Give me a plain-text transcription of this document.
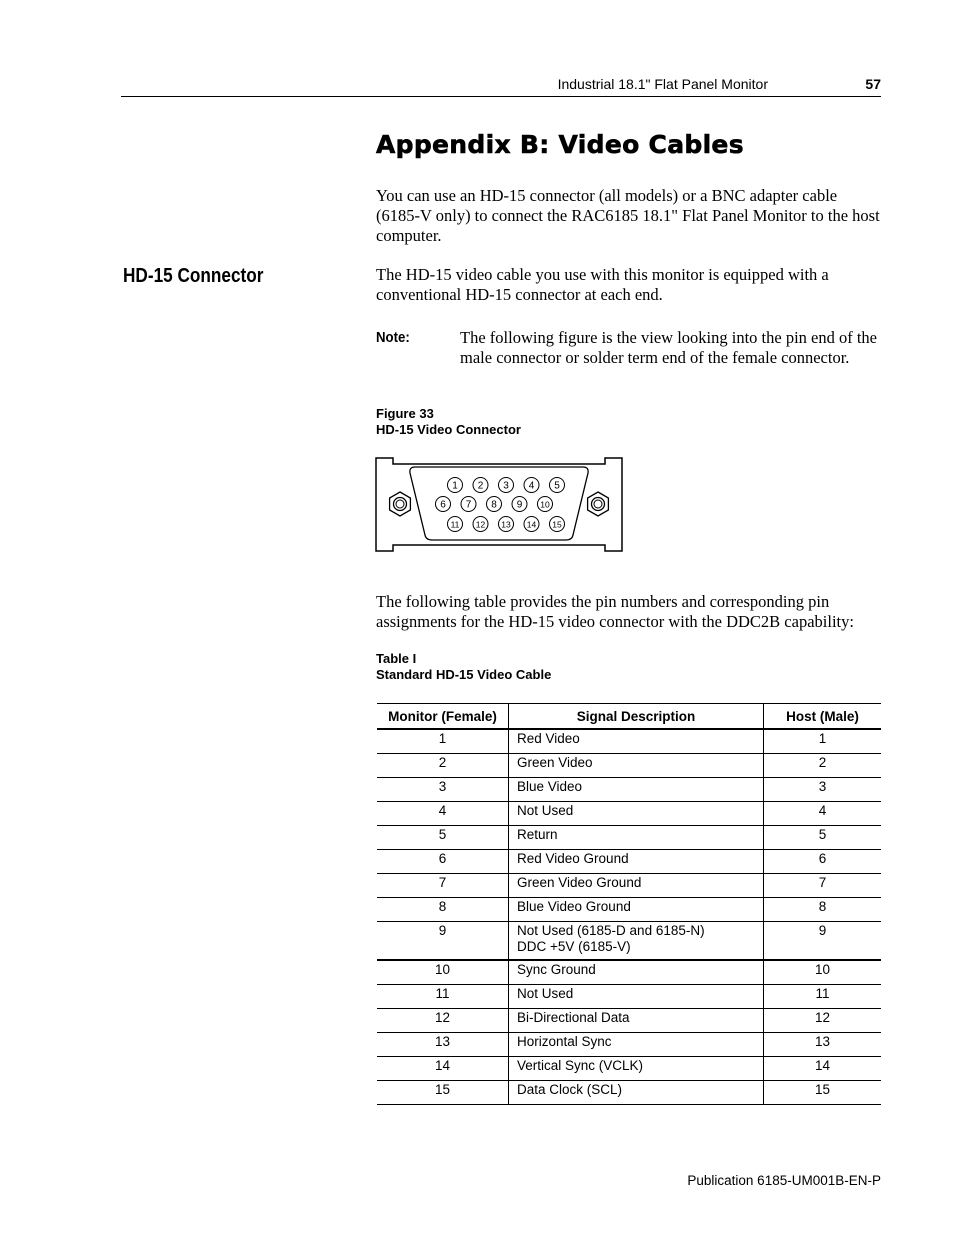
Industrial 18.1" Flat Panel Monitor	57
Appendix B: Video Cables
You can use an HD-15 connector (all models) or a BNC adapter cable (6185-V only) to connect the RAC6185 18.1" Flat Panel Monitor to the host computer.
HD-15 Connector	The HD-15 video cable you use with this monitor is equipped with a conventional HD-15 connector at each end.
Note:	The following figure is the view looking into the pin end of the male connector or solder term end of the female connector.
Figure 33
HD-15 Video Connector
1 2 3 4 5
6 7 8 9 10
11 12 13 14 15
The following table provides the pin numbers and corresponding pin assignments for the HD-15 video connector with the DDC2B capability:
Table I
Standard HD-15 Video Cable
Monitor (Female)	Signal Description	Host (Male)
1	Red Video	1
2	Green Video	2
3	Blue Video	3
4	Not Used	4
5	Return	5
6	Red Video Ground	6
7	Green Video Ground	7
8	Blue Video Ground	8
9	Not Used (6185-D and 6185-N)
DDC +5V (6185-V)	9
10	Sync Ground	10
11	Not Used	11
12	Bi-Directional Data	12
13	Horizontal Sync	13
14	Vertical Sync (VCLK)	14
15	Data Clock (SCL)	15
Publication 6185-UM001B-EN-P
